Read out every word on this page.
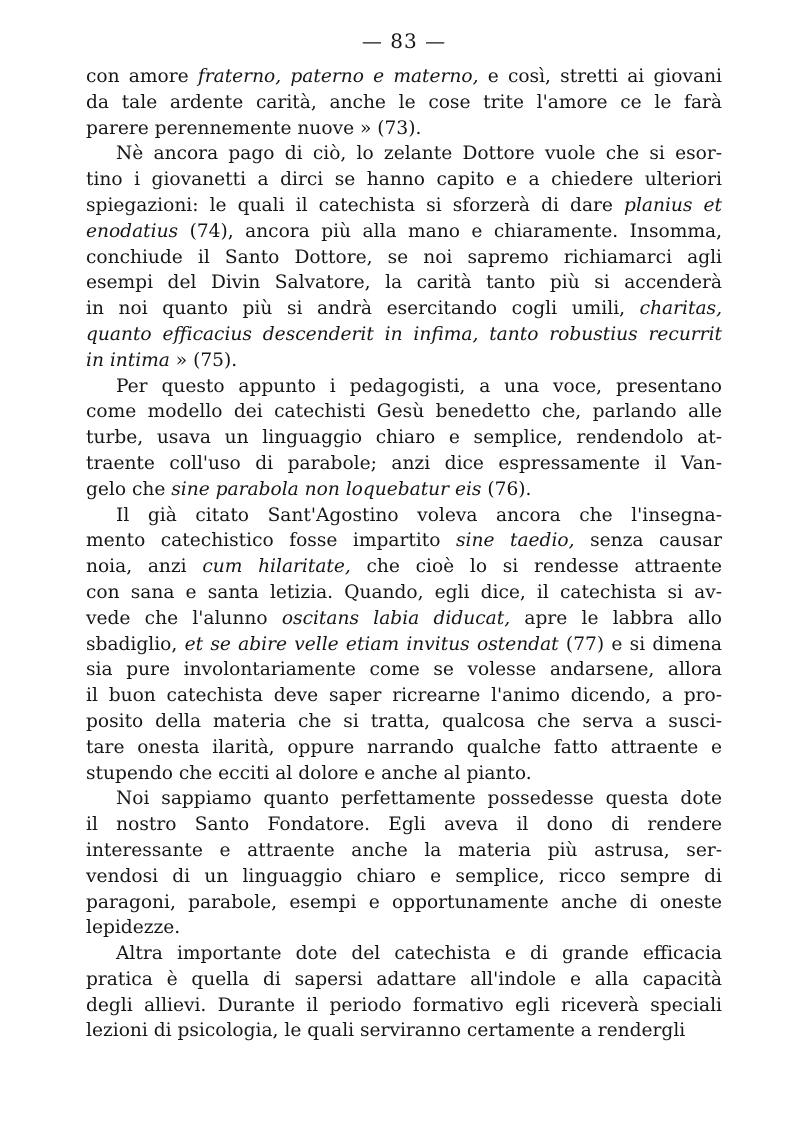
— 83 —

con amore fraterno, paterno e materno, e così, stretti ai giovani
da tale ardente carità, anche le cose trite l'amore ce le farà
parere perennemente nuove » (73).

Nè ancora pago di ciò, lo zelante Dottore vuole che si esor-
tino i giovanetti a dirci se hanno capito e a chiedere ulteriori
spiegazioni: le quali il catechista si sforzerà di dare planius et
enodatius (74), ancora più alla mano e chiaramente. Insomma,
conchiude il Santo Dottore, se noi sapremo richiamarci agli
esempi del Divin Salvatore, la carità tanto più si accenderà
in noi quanto più si andrà esercitando cogli umili, charitas,
quanto efficacius descenderit in infima, tanto robustius recurrit
in intima » (75).

Per questo appunto i pedagogisti, a una voce, presentano
come modello dei catechisti Gesù benedetto che, parlando alle
turbe, usava un linguaggio chiaro e semplice, rendendolo at-
traente coll'uso di parabole; anzi dice espressamente il Van-
gelo che sine parabola non loquebatur eis (76).

Il già citato Sant'Agostino voleva ancora che l'insegna-
mento catechistico fosse impartito sine taedio, senza causar
noia, anzi cum hilaritate, che cioè lo si rendesse attraente
con sana e santa letizia. Quando, egli dice, il catechista si av-
vede che l'alunno oscitans labia diducat, apre le labbra allo
sbadiglio, et se abire velle etiam invitus ostendat (77) e si dimena
sia pure involontariamente come se volesse andarsene, allora
il buon catechista deve saper ricrearne l'animo dicendo, a pro-
posito della materia che si tratta, qualcosa che serva a susci-
tare onesta ilarità, oppure narrando qualche fatto attraente e
stupendo che ecciti al dolore e anche al pianto.

Noi sappiamo quanto perfettamente possedesse questa dote
il nostro Santo Fondatore. Egli aveva il dono di rendere
interessante e attraente anche la materia più astrusa, ser-
vendosi di un linguaggio chiaro e semplice, ricco sempre di
paragoni, parabole, esempi e opportunamente anche di oneste
lepidezze.

Altra importante dote del catechista e di grande efficacia
pratica è quella di sapersi adattare all'indole e alla capacità
degli allievi. Durante il periodo formativo egli riceverà speciali
lezioni di psicologia, le quali serviranno certamente a rendergli
